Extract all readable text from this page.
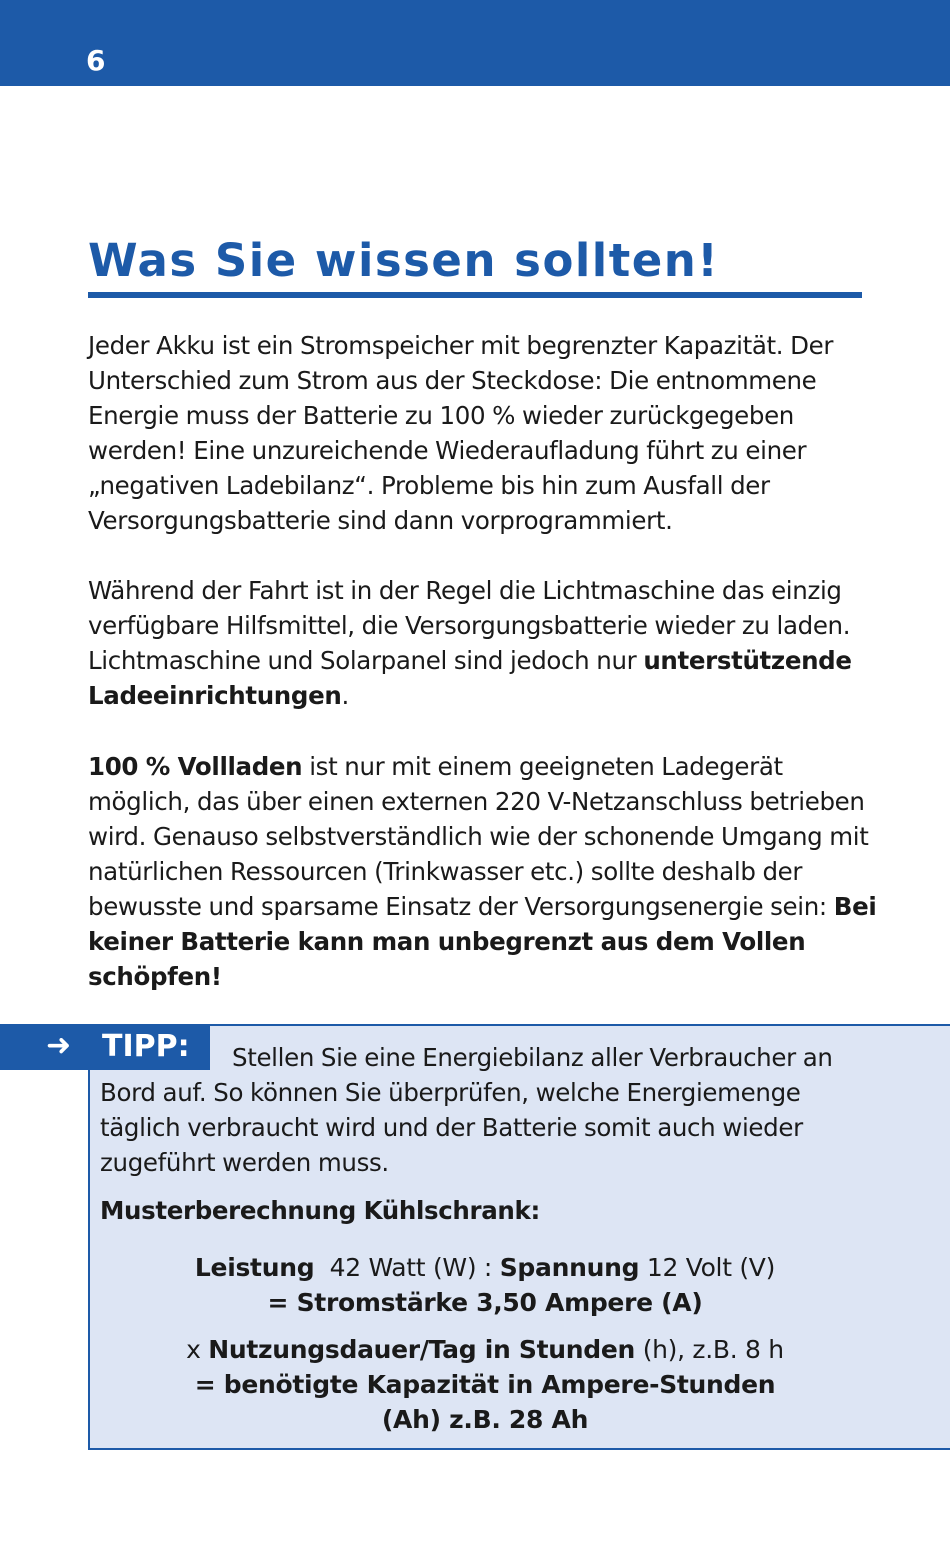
6
Was Sie wissen sollten!

Jeder Akku ist ein Stromspeicher mit begrenzter Kapazität. Der Unterschied zum Strom aus der Steckdose: Die entnommene Energie muss der Batterie zu 100 % wieder zurückgegeben werden! Eine unzureichende Wiederaufladung führt zu einer „negativen Ladebilanz“. Probleme bis hin zum Ausfall der Versorgungsbatterie sind dann vorprogrammiert.

Während der Fahrt ist in der Regel die Lichtmaschine das einzig verfügbare Hilfsmittel, die Versorgungsbatterie wieder zu laden. Lichtmaschine und Solarpanel sind jedoch nur unterstützende Ladeeinrichtungen.

100 % Vollladen ist nur mit einem geeigneten Ladegerät möglich, das über einen externen 220 V-Netzanschluss betrieben wird. Genauso selbstverständlich wie der schonende Umgang mit natürlichen Ressourcen (Trinkwasser etc.) sollte deshalb der bewusste und sparsame Einsatz der Versorgungsenergie sein: Bei keiner Batterie kann man unbegrenzt aus dem Vollen schöpfen!

➜ TIPP:	Stellen Sie eine Energiebilanz aller Verbraucher an Bord auf. So können Sie überprüfen, welche Energiemenge täglich verbraucht wird und der Batterie somit auch wieder zugeführt werden muss.

Musterberechnung Kühlschrank:

Leistung 42 Watt (W) : Spannung 12 Volt (V)

= Stromstärke 3,50 Ampere (A)

x Nutzungsdauer/Tag in Stunden (h), z.B. 8 h

= benötigte Kapazität in Ampere-Stunden

(Ah) z.B. 28 Ah
